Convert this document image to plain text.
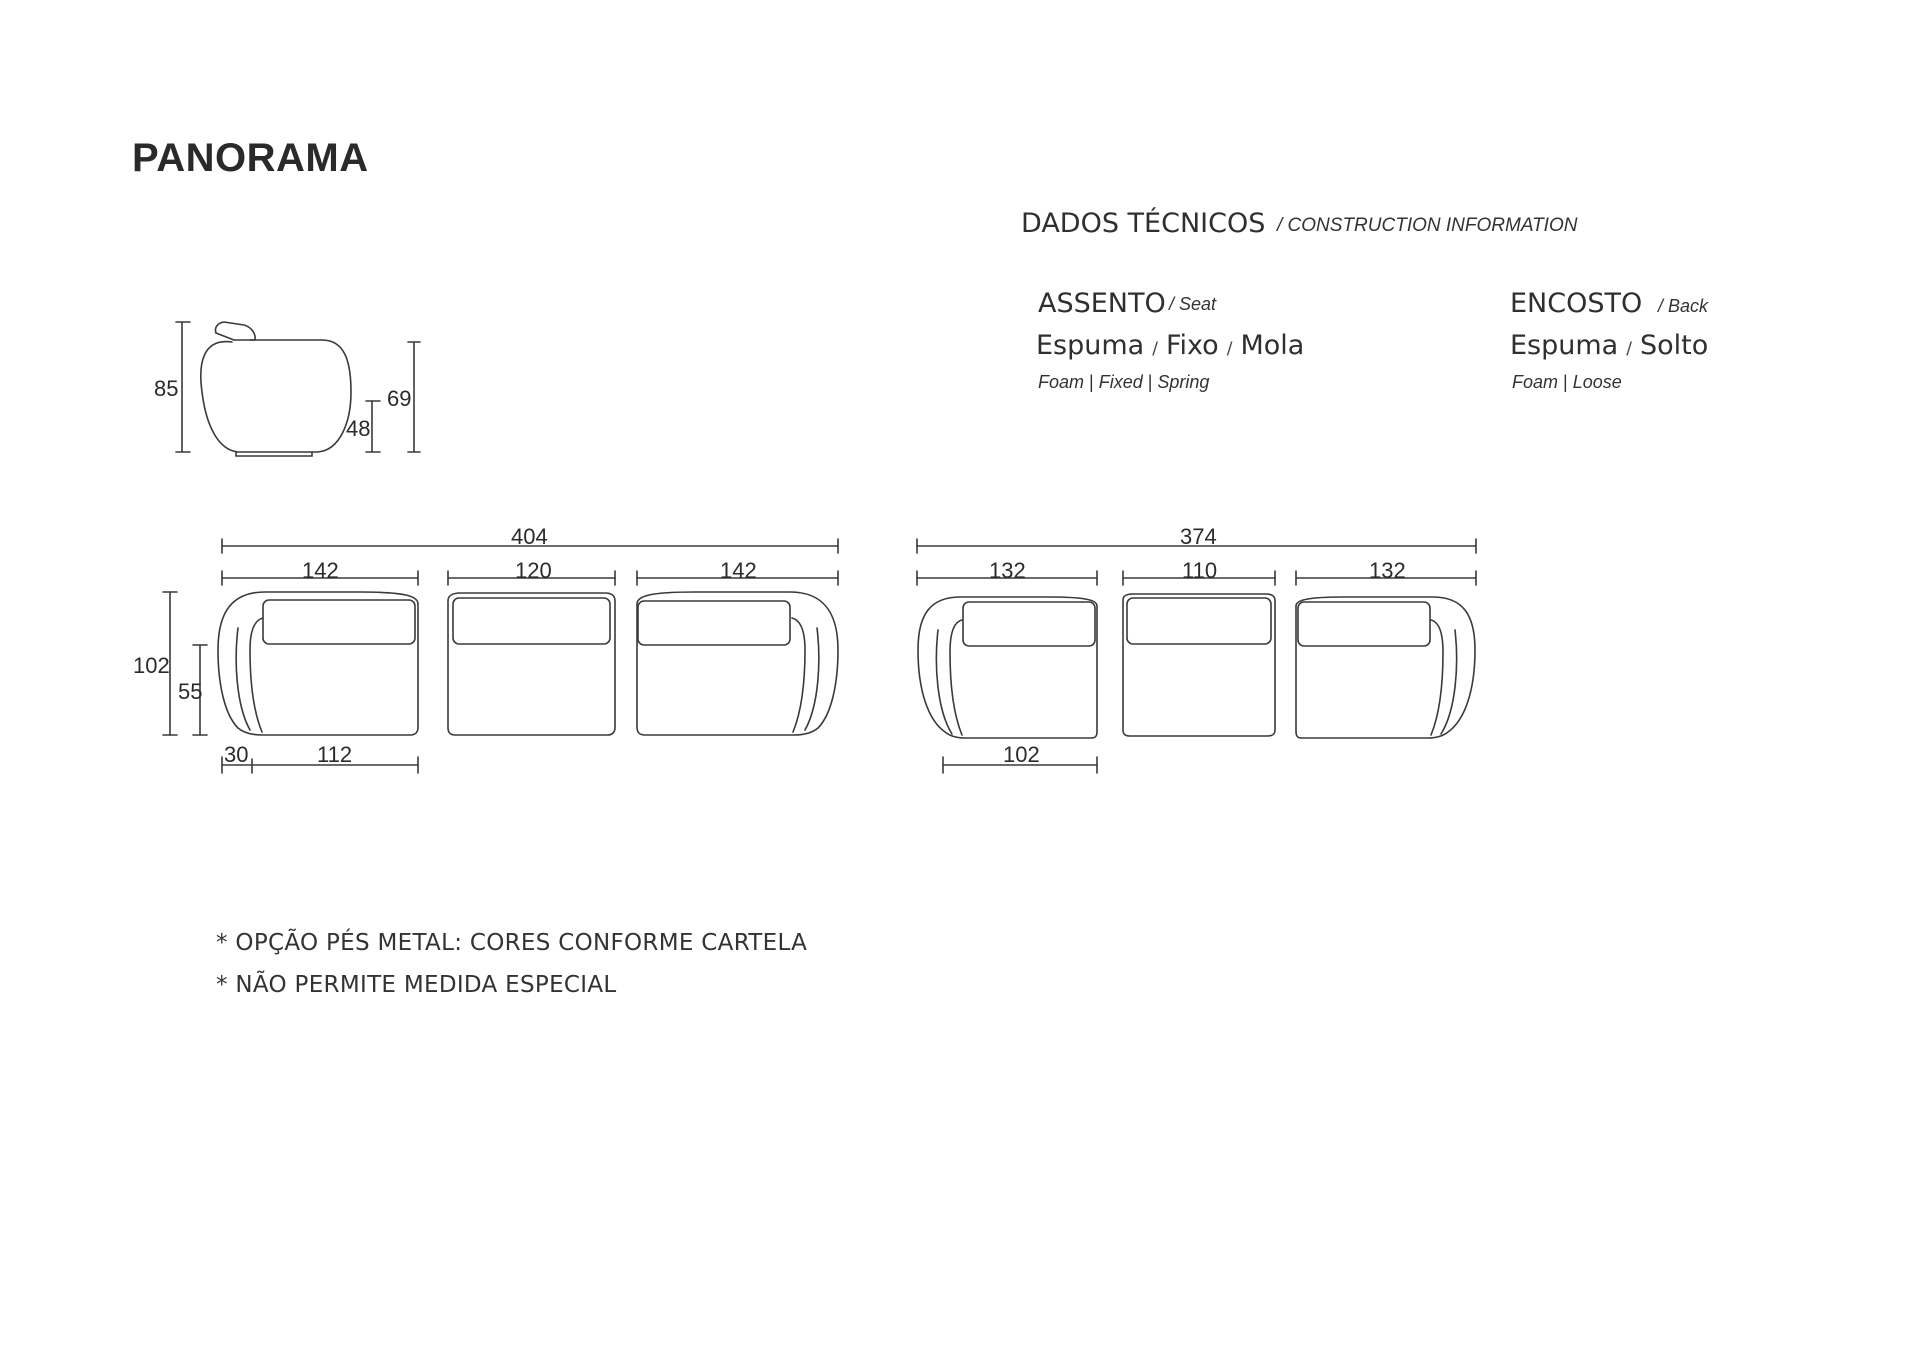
PANORAMA
DADOS TÉCNICOS / CONSTRUCTION INFORMATION
ASSENTO / Seat
Espuma / Fixo / Mola
Foam | Fixed | Spring
ENCOSTO / Back
Espuma / Solto
Foam | Loose
85
48
69
404
142	120	142
102
55
30	112
374
132	110	132
102
* OPÇÃO PÉS METAL: CORES CONFORME CARTELA
* NÃO PERMITE MEDIDA ESPECIAL
